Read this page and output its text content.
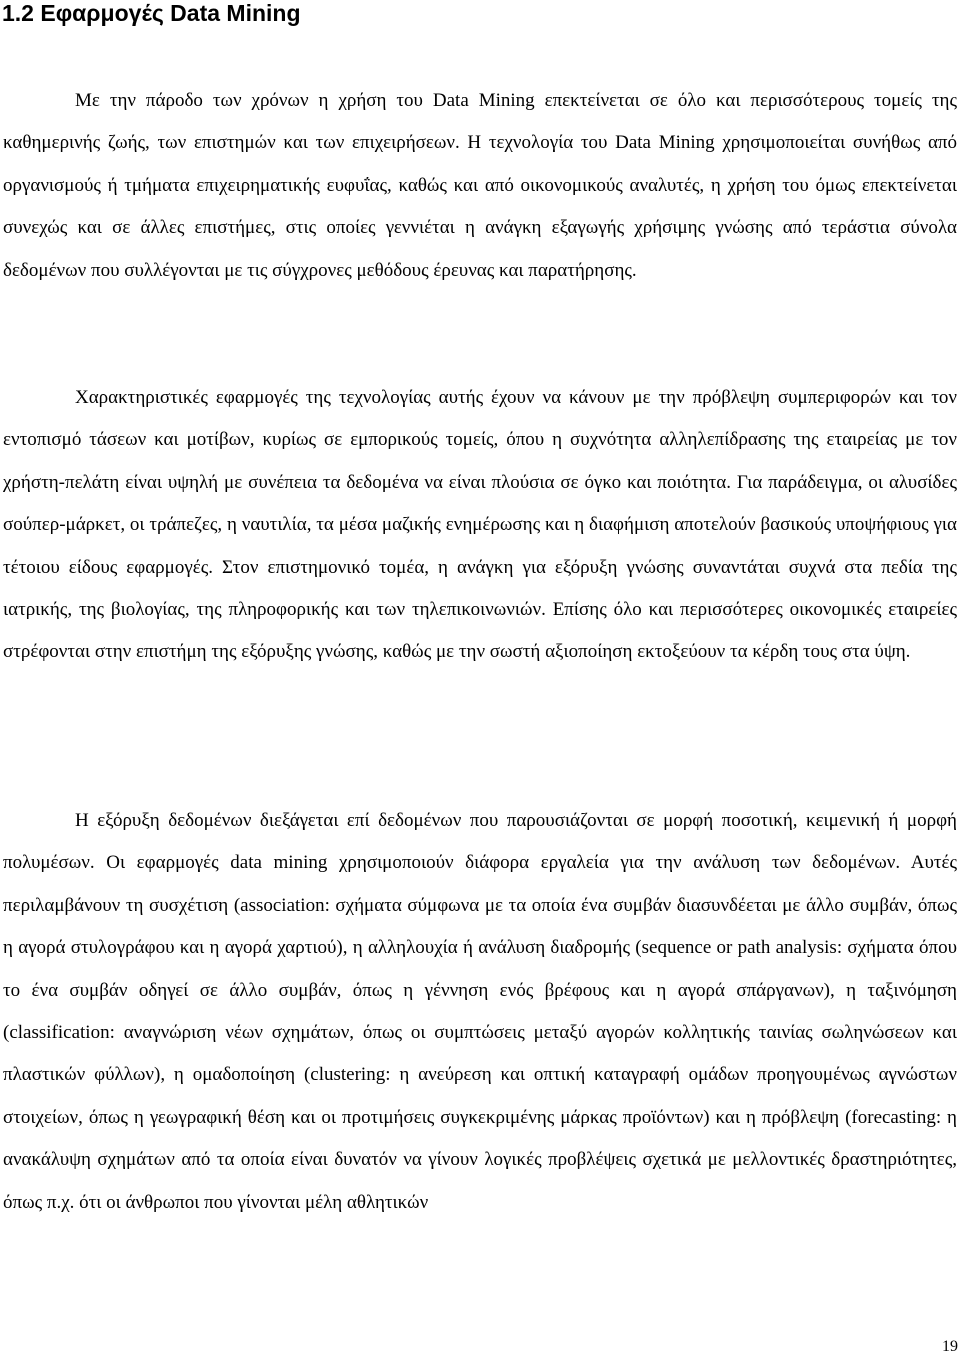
1.2 Εφαρμογές Data Mining

Με την πάροδο των χρόνων η χρήση του Data Mining επεκτείνεται σε όλο και περισσότερους τομείς της καθημερινής ζωής, των επιστημών και των επιχειρήσεων. Η τεχνολογία του Data Mining χρησιμοποιείται συνήθως από οργανισμούς ή τμήματα επιχειρηματικής ευφυΐας, καθώς και από οικονομικούς αναλυτές, η χρήση του όμως επεκτείνεται συνεχώς και σε άλλες επιστήμες, στις οποίες γεννιέται η ανάγκη εξαγωγής χρήσιμης γνώσης από τεράστια σύνολα δεδομένων που συλλέγονται με τις σύγχρονες μεθόδους έρευνας και παρατήρησης.

Χαρακτηριστικές εφαρμογές της τεχνολογίας αυτής έχουν να κάνουν με την πρόβλεψη συμπεριφορών και τον εντοπισμό τάσεων και μοτίβων, κυρίως σε εμπορικούς τομείς, όπου η συχνότητα αλληλεπίδρασης της εταιρείας με τον χρήστη-πελάτη είναι υψηλή με συνέπεια τα δεδομένα να είναι πλούσια σε όγκο και ποιότητα. Για παράδειγμα, οι αλυσίδες σούπερ-μάρκετ, οι τράπεζες, η ναυτιλία, τα μέσα μαζικής ενημέρωσης και η διαφήμιση αποτελούν βασικούς υποψήφιους για τέτοιου είδους εφαρμογές. Στον επιστημονικό τομέα, η ανάγκη για εξόρυξη γνώσης συναντάται συχνά στα πεδία της ιατρικής, της βιολογίας, της πληροφορικής και των τηλεπικοινωνιών. Επίσης όλο και περισσότερες οικονομικές εταιρείες στρέφονται στην επιστήμη της εξόρυξης γνώσης, καθώς με την σωστή αξιοποίηση εκτοξεύουν τα κέρδη τους στα ύψη.

Η εξόρυξη δεδομένων διεξάγεται επί δεδομένων που παρουσιάζονται σε μορφή ποσοτική, κειμενική ή μορφή πολυμέσων. Οι εφαρμογές data mining χρησιμοποιούν διάφορα εργαλεία για την ανάλυση των δεδομένων. Αυτές περιλαμβάνουν τη συσχέτιση (association: σχήματα σύμφωνα με τα οποία ένα συμβάν διασυνδέεται με άλλο συμβάν, όπως η αγορά στυλογράφου και η αγορά χαρτιού), η αλληλουχία ή ανάλυση διαδρομής (sequence or path analysis: σχήματα όπου το ένα συμβάν οδηγεί σε άλλο συμβάν, όπως η γέννηση ενός βρέφους και η αγορά σπάργανων), η ταξινόμηση (classification: αναγνώριση νέων σχημάτων, όπως οι συμπτώσεις μεταξύ αγορών κολλητικής ταινίας σωληνώσεων και πλαστικών φύλλων), η ομαδοποίηση (clustering: η ανεύρεση και οπτική καταγραφή ομάδων προηγουμένως αγνώστων στοιχείων, όπως η γεωγραφική θέση και οι προτιμήσεις συγκεκριμένης μάρκας προϊόντων) και η πρόβλεψη (forecasting: η ανακάλυψη σχημάτων από τα οποία είναι δυνατόν να γίνουν λογικές προβλέψεις σχετικά με μελλοντικές δραστηριότητες, όπως π.χ. ότι οι άνθρωποι που γίνονται μέλη αθλητικών

19
